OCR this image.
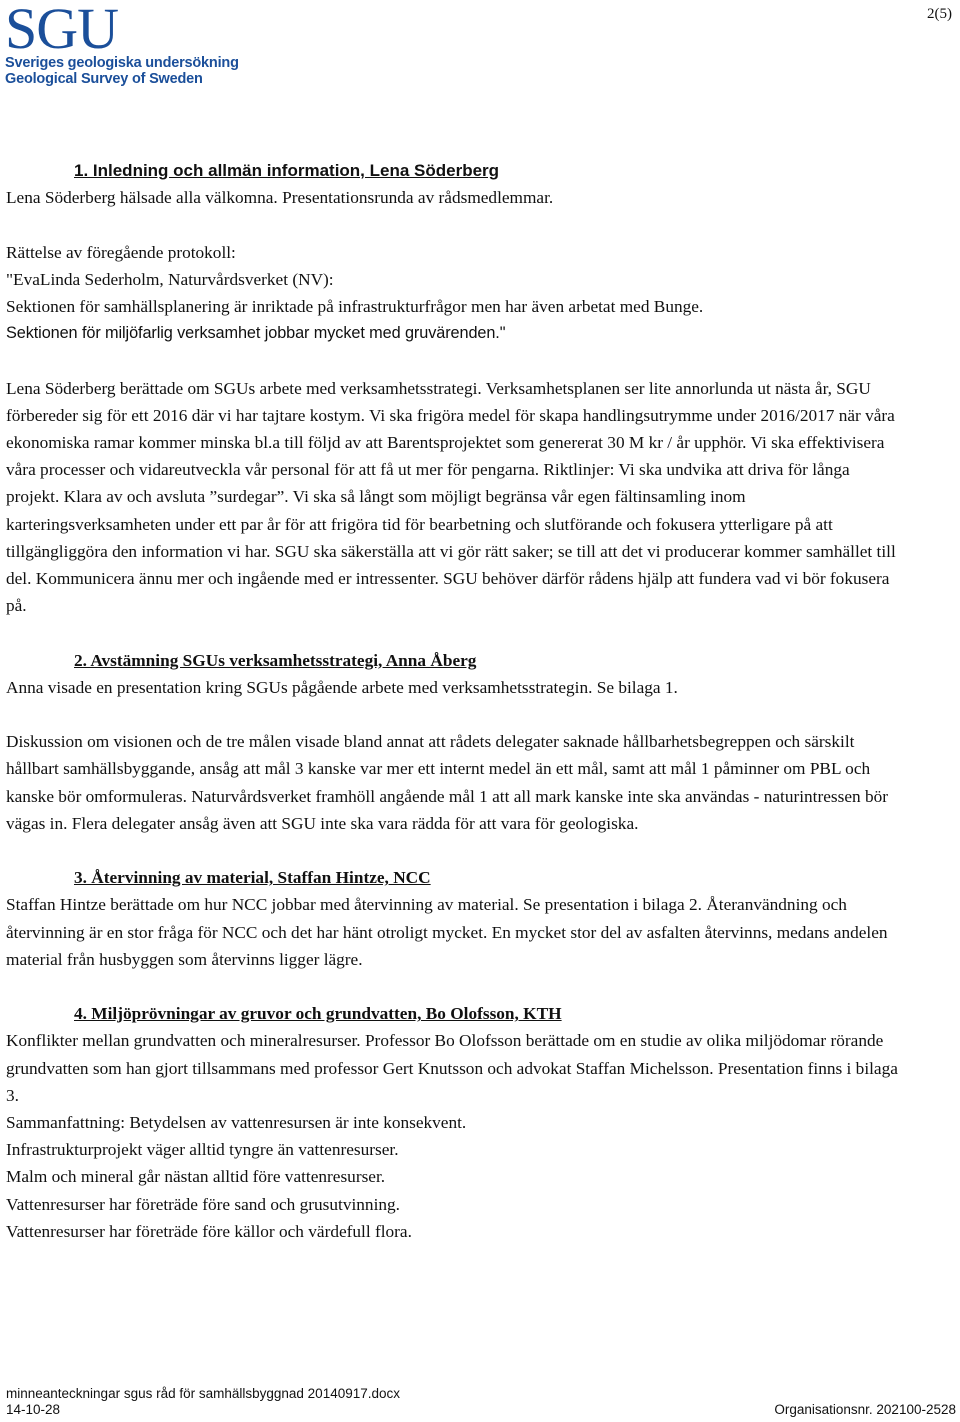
SGU
Sveriges geologiska undersökning
Geological Survey of Sweden
2(5)

1. Inledning och allmän information, Lena Söderberg

Lena Söderberg hälsade alla välkomna. Presentationsrunda av rådsmedlemmar.

Rättelse av föregående protokoll:

"EvaLinda Sederholm, Naturvårdsverket (NV):

Sektionen för samhällsplanering är inriktade på infrastrukturfrågor men har även arbetat med Bunge.

Sektionen för miljöfarlig verksamhet jobbar mycket med gruvärenden."

Lena Söderberg berättade om SGUs arbete med verksamhetsstrategi. Verksamhetsplanen ser lite annorlunda ut nästa år, SGU förbereder sig för ett 2016 där vi har tajtare kostym. Vi ska frigöra medel för skapa handlingsutrymme under 2016/2017 när våra ekonomiska ramar kommer minska bl.a till följd av att Barentsprojektet som genererat 30 M kr / år upphör. Vi ska effektivisera våra processer och vidareutveckla vår personal för att få ut mer för pengarna. Riktlinjer: Vi ska undvika att driva för långa projekt. Klara av och avsluta ”surdegar”. Vi ska så långt som möjligt begränsa vår egen fältinsamling inom karteringsverksamheten under ett par år för att frigöra tid för bearbetning och slutförande och fokusera ytterligare på att tillgängliggöra den information vi har. SGU ska säkerställa att vi gör rätt saker; se till att det vi producerar kommer samhället till del. Kommunicera ännu mer och ingående med er intressenter. SGU behöver därför rådens hjälp att fundera vad vi bör fokusera på.

2. Avstämning SGUs verksamhetsstrategi, Anna Åberg

Anna visade en presentation kring SGUs pågående arbete med verksamhetsstrategin. Se bilaga 1.

Diskussion om visionen och de tre målen visade bland annat att rådets delegater saknade hållbarhetsbegreppen och särskilt hållbart samhällsbyggande, ansåg att mål 3 kanske var mer ett internt medel än ett mål, samt att mål 1 påminner om PBL och kanske bör omformuleras. Naturvårdsverket framhöll angående mål 1 att all mark kanske inte ska användas - naturintressen bör vägas in. Flera delegater ansåg även att SGU inte ska vara rädda för att vara för geologiska.

3. Återvinning av material, Staffan Hintze, NCC

Staffan Hintze berättade om hur NCC jobbar med återvinning av material. Se presentation i bilaga 2. Återanvändning och återvinning är en stor fråga för NCC och det har hänt otroligt mycket. En mycket stor del av asfalten återvinns, medans andelen material från husbyggen som återvinns ligger lägre.

4. Miljöprövningar av gruvor och grundvatten, Bo Olofsson, KTH

Konflikter mellan grundvatten och mineralresurser. Professor Bo Olofsson berättade om en studie av olika miljödomar rörande grundvatten som han gjort tillsammans med professor Gert Knutsson och advokat Staffan Michelsson. Presentation finns i bilaga 3.

Sammanfattning: Betydelsen av vattenresursen är inte konsekvent.

Infrastrukturprojekt väger alltid tyngre än vattenresurser.

Malm och mineral går nästan alltid före vattenresurser.

Vattenresurser har företräde före sand och grusutvinning.

Vattenresurser har företräde före källor och värdefull flora.

minneanteckningar sgus råd för samhällsbyggnad 20140917.docx
14-10-28	Organisationsnr. 202100-2528
